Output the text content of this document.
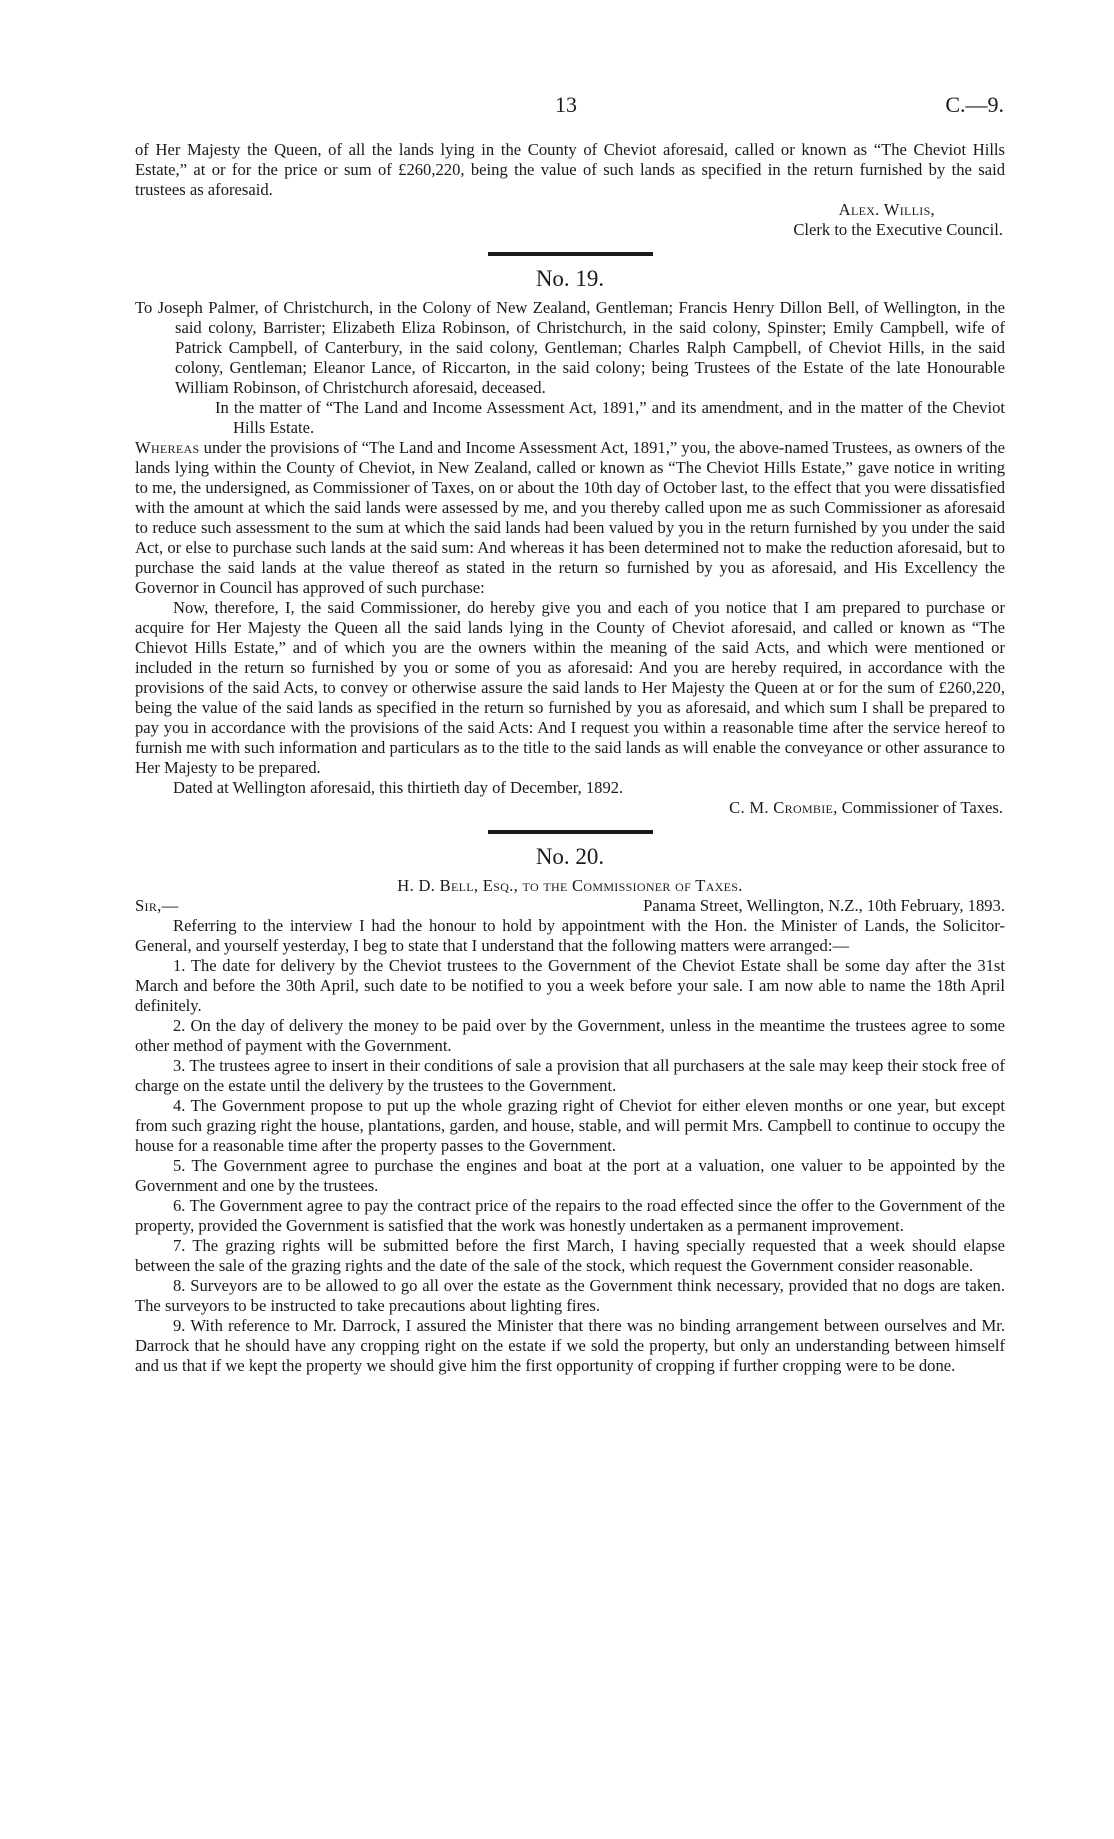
13	C.—9.

of Her Majesty the Queen, of all the lands lying in the County of Cheviot aforesaid, called or known as “The Cheviot Hills Estate,” at or for the price or sum of £260,220, being the value of such lands as specified in the return furnished by the said trustees as aforesaid.

Alex. Willis,

Clerk to the Executive Council.

No. 19.

To Joseph Palmer, of Christchurch, in the Colony of New Zealand, Gentleman; Francis Henry Dillon Bell, of Wellington, in the said colony, Barrister; Elizabeth Eliza Robinson, of Christchurch, in the said colony, Spinster; Emily Campbell, wife of Patrick Campbell, of Canterbury, in the said colony, Gentleman; Charles Ralph Campbell, of Cheviot Hills, in the said colony, Gentleman; Eleanor Lance, of Riccarton, in the said colony; being Trustees of the Estate of the late Honourable William Robinson, of Christchurch aforesaid, deceased.

In the matter of “The Land and Income Assessment Act, 1891,” and its amendment, and in the matter of the Cheviot Hills Estate.

Whereas under the provisions of “The Land and Income Assessment Act, 1891,” you, the above-named Trustees, as owners of the lands lying within the County of Cheviot, in New Zealand, called or known as “The Cheviot Hills Estate,” gave notice in writing to me, the undersigned, as Commissioner of Taxes, on or about the 10th day of October last, to the effect that you were dissatisfied with the amount at which the said lands were assessed by me, and you thereby called upon me as such Commissioner as aforesaid to reduce such assessment to the sum at which the said lands had been valued by you in the return furnished by you under the said Act, or else to purchase such lands at the said sum: And whereas it has been determined not to make the reduction aforesaid, but to purchase the said lands at the value thereof as stated in the return so furnished by you as aforesaid, and His Excellency the Governor in Council has approved of such purchase:

Now, therefore, I, the said Commissioner, do hereby give you and each of you notice that I am prepared to purchase or acquire for Her Majesty the Queen all the said lands lying in the County of Cheviot aforesaid, and called or known as “The Chievot Hills Estate,” and of which you are the owners within the meaning of the said Acts, and which were mentioned or included in the return so furnished by you or some of you as aforesaid: And you are hereby required, in accordance with the provisions of the said Acts, to convey or otherwise assure the said lands to Her Majesty the Queen at or for the sum of £260,220, being the value of the said lands as specified in the return so furnished by you as aforesaid, and which sum I shall be prepared to pay you in accordance with the provisions of the said Acts: And I request you within a reasonable time after the service hereof to furnish me with such information and particulars as to the title to the said lands as will enable the conveyance or other assurance to Her Majesty to be prepared.

Dated at Wellington aforesaid, this thirtieth day of December, 1892.

C. M. Crombie, Commissioner of Taxes.

No. 20.

H. D. Bell, Esq., to the Commissioner of Taxes.

Sir,—	Panama Street, Wellington, N.Z., 10th February, 1893.

Referring to the interview I had the honour to hold by appointment with the Hon. the Minister of Lands, the Solicitor-General, and yourself yesterday, I beg to state that I understand that the following matters were arranged:—

1. The date for delivery by the Cheviot trustees to the Government of the Cheviot Estate shall be some day after the 31st March and before the 30th April, such date to be notified to you a week before your sale. I am now able to name the 18th April definitely.

2. On the day of delivery the money to be paid over by the Government, unless in the meantime the trustees agree to some other method of payment with the Government.

3. The trustees agree to insert in their conditions of sale a provision that all purchasers at the sale may keep their stock free of charge on the estate until the delivery by the trustees to the Government.

4. The Government propose to put up the whole grazing right of Cheviot for either eleven months or one year, but except from such grazing right the house, plantations, garden, and house, stable, and will permit Mrs. Campbell to continue to occupy the house for a reasonable time after the property passes to the Government.

5. The Government agree to purchase the engines and boat at the port at a valuation, one valuer to be appointed by the Government and one by the trustees.

6. The Government agree to pay the contract price of the repairs to the road effected since the offer to the Government of the property, provided the Government is satisfied that the work was honestly undertaken as a permanent improvement.

7. The grazing rights will be submitted before the first March, I having specially requested that a week should elapse between the sale of the grazing rights and the date of the sale of the stock, which request the Government consider reasonable.

8. Surveyors are to be allowed to go all over the estate as the Government think necessary, provided that no dogs are taken. The surveyors to be instructed to take precautions about lighting fires.

9. With reference to Mr. Darrock, I assured the Minister that there was no binding arrangement between ourselves and Mr. Darrock that he should have any cropping right on the estate if we sold the property, but only an understanding between himself and us that if we kept the property we should give him the first opportunity of cropping if further cropping were to be done.
